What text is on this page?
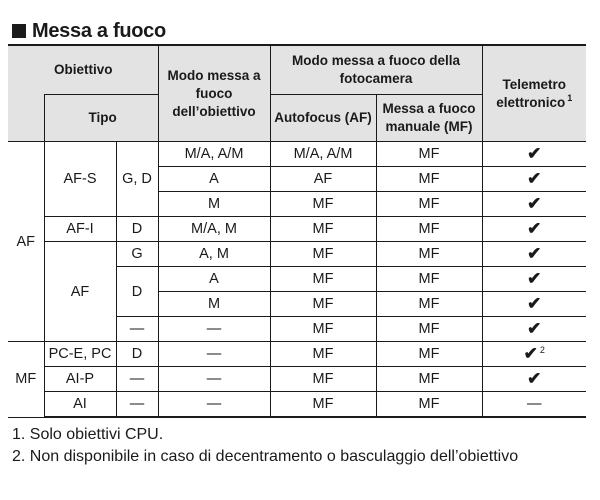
Messa a fuoco
Obiettivo			Modo messa a fuoco dell’obiettivo	Modo messa a fuoco della fotocamera		Telemetro elettronico $^1$
	Tipo			Autofocus (AF)	Messa a fuoco manuale (MF)	
AF	AF-S	G, D	M/A, A/M	M/A, A/M	MF	✔
			A	AF	MF	✔
			M	MF	MF	✔
	AF-I	D	M/A, M	MF	MF	✔
	AF	G	A, M	MF	MF	✔
		D	A	MF	MF	✔
			M	MF	MF	✔
		—	—	MF	MF	✔
MF	PC-E, PC	D	—	MF	MF	✔ $^2$
	AI-P	—	—	MF	MF	✔
	AI	—	—	MF	MF	—
1. Solo obiettivi CPU.
2. Non disponibile in caso di decentramento o basculaggio dell’obiettivo
